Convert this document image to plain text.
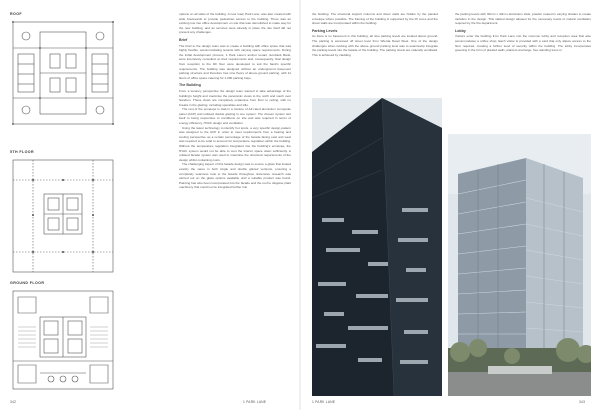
ROOF
5TH FLOOR
GROUND FLOOR

options on all sides of the building. A new road, Park Lane, was also created with wide boulevards to provide pedestrian access to the building. There was an existing low rise office development on site that was demolished to make way for the new building, and as services were already in place the site itself did not present any challenges.

Brief

The brief to the design team was to create a building with office space that was highly flexible, accommodating tenants with varying space requirements. During the initial development process, 1 Park Lane's anchor tenant, Ecobank Bank, were intensively consulted on their requirements and, consequently, final design from reception to the 4th floor were developed to suit the bank's specific requirements. The building was designed without an underground basement parking structure and therefore has nine floors of above-ground parking, with 11 floors of office space catering for 1,000 parking bays.

The Building

From a tenancy perspective the design team wanted to take advantage of the building's height and maximise the panoramic views to the north and south over Sandton. These views are completely expansive from floor to ceiling, with no breaks in the glazing, including operables and sills.

The rest of the envelope is clad in a mixture of AZ rated aluminium composite panel (ACP) and unitised double glazing in one system. The chosen system lent itself to being responsive to conditions on site and was required in terms of energy efficiency, HVAC design and ventilation.

Using the latest technology to identify hot spots, a very specific design pattern was assigned to the ACP in order to meet requirements from a heating and cooling perspective as a certain percentage of the facade facing east and west was required to be solid to account for temperature regulation within the building. Without the temperature regulation integrated into the building's envelope, the HVAC system would not be able to cool the interior space down sufficiently. A unitised facade system was used to maximise the structural requirements of the design whilst containing costs.

The challenging aspect of this facade design was to source a glass that looked exactly the same in both single and double glazed versions, ensuring a completely seamless look to the facade throughout. Extensive research was carried out on the glass options available until a suitable product was found. Painting has also been incorporated into the facade and the roof to disguise plant machinery that could not be integrated further into

342	1 PARK LANE

the building. The structural support columns and sheer walls are hidden by the painted envelope where possible. The framing of the building is supported by the lift cores and the shear walls are incorporated within the building.

Parking Levels

As there is no basement in this building, all nine parking levels are located above ground. The parking is accessed off street level from Wierda Road West. One of the design challenges when working with the above ground parking level was to seamlessly integrate the parking levels into the facade of the building. The parking levels are naturally ventilated. This is achieved by cladding

the parking levels with 30mm x 40mm aluminium slats, powder coated in varying shades to create variation in the design. This slatted design allowed for the necessary levels of natural ventilation required by the fire department.

Lobby

Visitors enter the building from Park Lane into the common lobby and reception area that also accommodates a coffee shop. Each visitor is provided with a card that only allows access to the floor required, creating a further level of security within the building. The lobby incorporates greening in the form of planted walls, planters and large, free standing trees in

1 PARK LANE	343
